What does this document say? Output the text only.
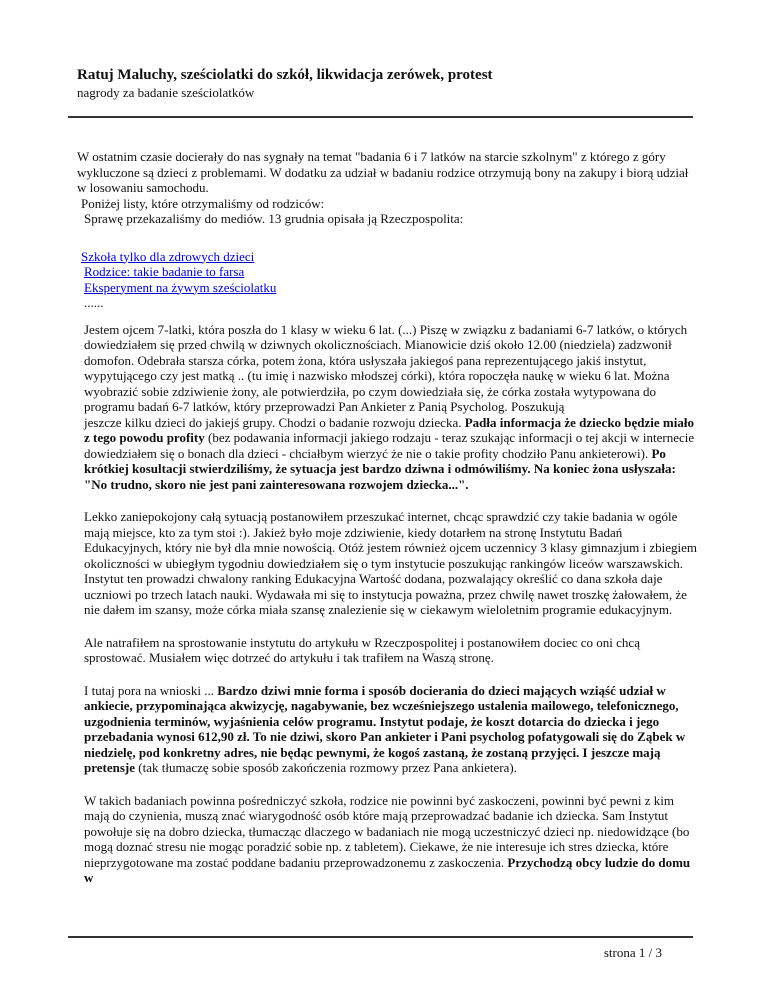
Ratuj Maluchy, sześciolatki do szkół, likwidacja zerówek, protest
nagrody za badanie sześciolatków

W ostatnim czasie docierały do nas sygnały na temat "badania 6 i 7 latków na starcie szkolnym" z którego z góry wykluczone są dzieci z problemami. W dodatku za udział w badaniu rodzice otrzymują bony na zakupy i biorą udział w losowaniu samochodu.

Poniżej listy, które otrzymaliśmy od rodziców:

Sprawę przekazaliśmy do mediów. 13 grudnia opisała ją Rzeczpospolita:

Szkoła tylko dla zdrowych dzieci

Rodzice: takie badanie to farsa

Eksperyment na żywym sześciolatku

......

Jestem ojcem 7-latki, która poszła do 1 klasy w wieku 6 lat. (...) Piszę w związku z badaniami 6-7 latków, o których dowiedziałem się przed chwilą w dziwnych okolicznościach. Mianowicie dziś około 12.00 (niedziela) zadzwonił domofon. Odebrała starsza córka, potem żona, która usłyszała jakiegoś pana reprezentującego jakiś instytut, wypytującego czy jest matką .. (tu imię i nazwisko młodszej córki), która ropoczęła naukę w wieku 6 lat. Można wyobrazić sobie zdziwienie żony, ale potwierdziła, po czym dowiedziała się, że córka została wytypowana do programu badań 6-7 latków, który przeprowadzi Pan Ankieter z Panią Psycholog. Poszukują
jeszcze kilku dzieci do jakiejś grupy. Chodzi o badanie rozwoju dziecka. Padła informacja że dziecko będzie miało z tego powodu profity (bez podawania informacji jakiego rodzaju - teraz szukając informacji o tej akcji w internecie dowiedziałem się o bonach dla dzieci - chciałbym wierzyć że nie o takie profity chodziło Panu ankieterowi). Po krótkiej kosultacji stwierdziliśmy, że sytuacja jest bardzo dziwna i odmówiliśmy. Na koniec żona usłyszała: "No trudno, skoro nie jest pani zainteresowana rozwojem dziecka...".

Lekko zaniepokojony całą sytuacją postanowiłem przeszukać internet, chcąc sprawdzić czy takie badania w ogóle mają miejsce, kto za tym stoi :). Jakież było moje zdziwienie, kiedy dotarłem na stronę Instytutu Badań Edukacyjnych, który nie był dla mnie nowością. Otóż jestem również ojcem uczennicy 3 klasy gimnazjum i zbiegiem okoliczności w ubiegłym tygodniu dowiedziałem się o tym instytucie poszukując rankingów liceów warszawskich. Instytut ten prowadzi chwalony ranking Edukacyjna Wartość dodana, pozwalający określić co dana szkoła daje uczniowi po trzech latach nauki. Wydawała mi się to instytucja poważna, przez chwilę nawet troszkę żałowałem, że nie dałem im szansy, może córka miała szansę znalezienie się w ciekawym wieloletnim programie edukacyjnym.

Ale natrafiłem na sprostowanie instytutu do artykułu w Rzeczpospolitej i postanowiłem dociec co oni chcą sprostować. Musiałem więc dotrzeć do artykułu i tak trafiłem na Waszą stronę.

I tutaj pora na wnioski ... Bardzo dziwi mnie forma i sposób docierania do dzieci mających wziąść udział w ankiecie, przypominająca akwizycję, nagabywanie, bez wcześniejszego ustalenia mailowego, telefonicznego, uzgodnienia terminów, wyjaśnienia celów programu. Instytut podaje, że koszt dotarcia do dziecka i jego przebadania wynosi 612,90 zł. To nie dziwi, skoro Pan ankieter i Pani psycholog pofatygowali się do Ząbek w niedzielę, pod konkretny adres, nie będąc pewnymi, że kogoś zastaną, że zostaną przyjęci. I jeszcze mają pretensje (tak tłumaczę sobie sposób zakończenia rozmowy przez Pana ankietera).

W takich badaniach powinna pośredniczyć szkoła, rodzice nie powinni być zaskoczeni, powinni być pewni z kim mają do czynienia, muszą znać wiarygodność osób które mają przeprowadzać badanie ich dziecka. Sam Instytut powołuje się na dobro dziecka, tłumacząc dlaczego w badaniach nie mogą uczestniczyć dzieci np. niedowidzące (bo mogą doznać stresu nie mogąc poradzić sobie np. z tabletem). Ciekawe, że nie interesuje ich stres dziecka, które nieprzygotowane ma zostać poddane badaniu przeprowadzonemu z zaskoczenia. Przychodzą obcy ludzie do domu w

strona 1 / 3
